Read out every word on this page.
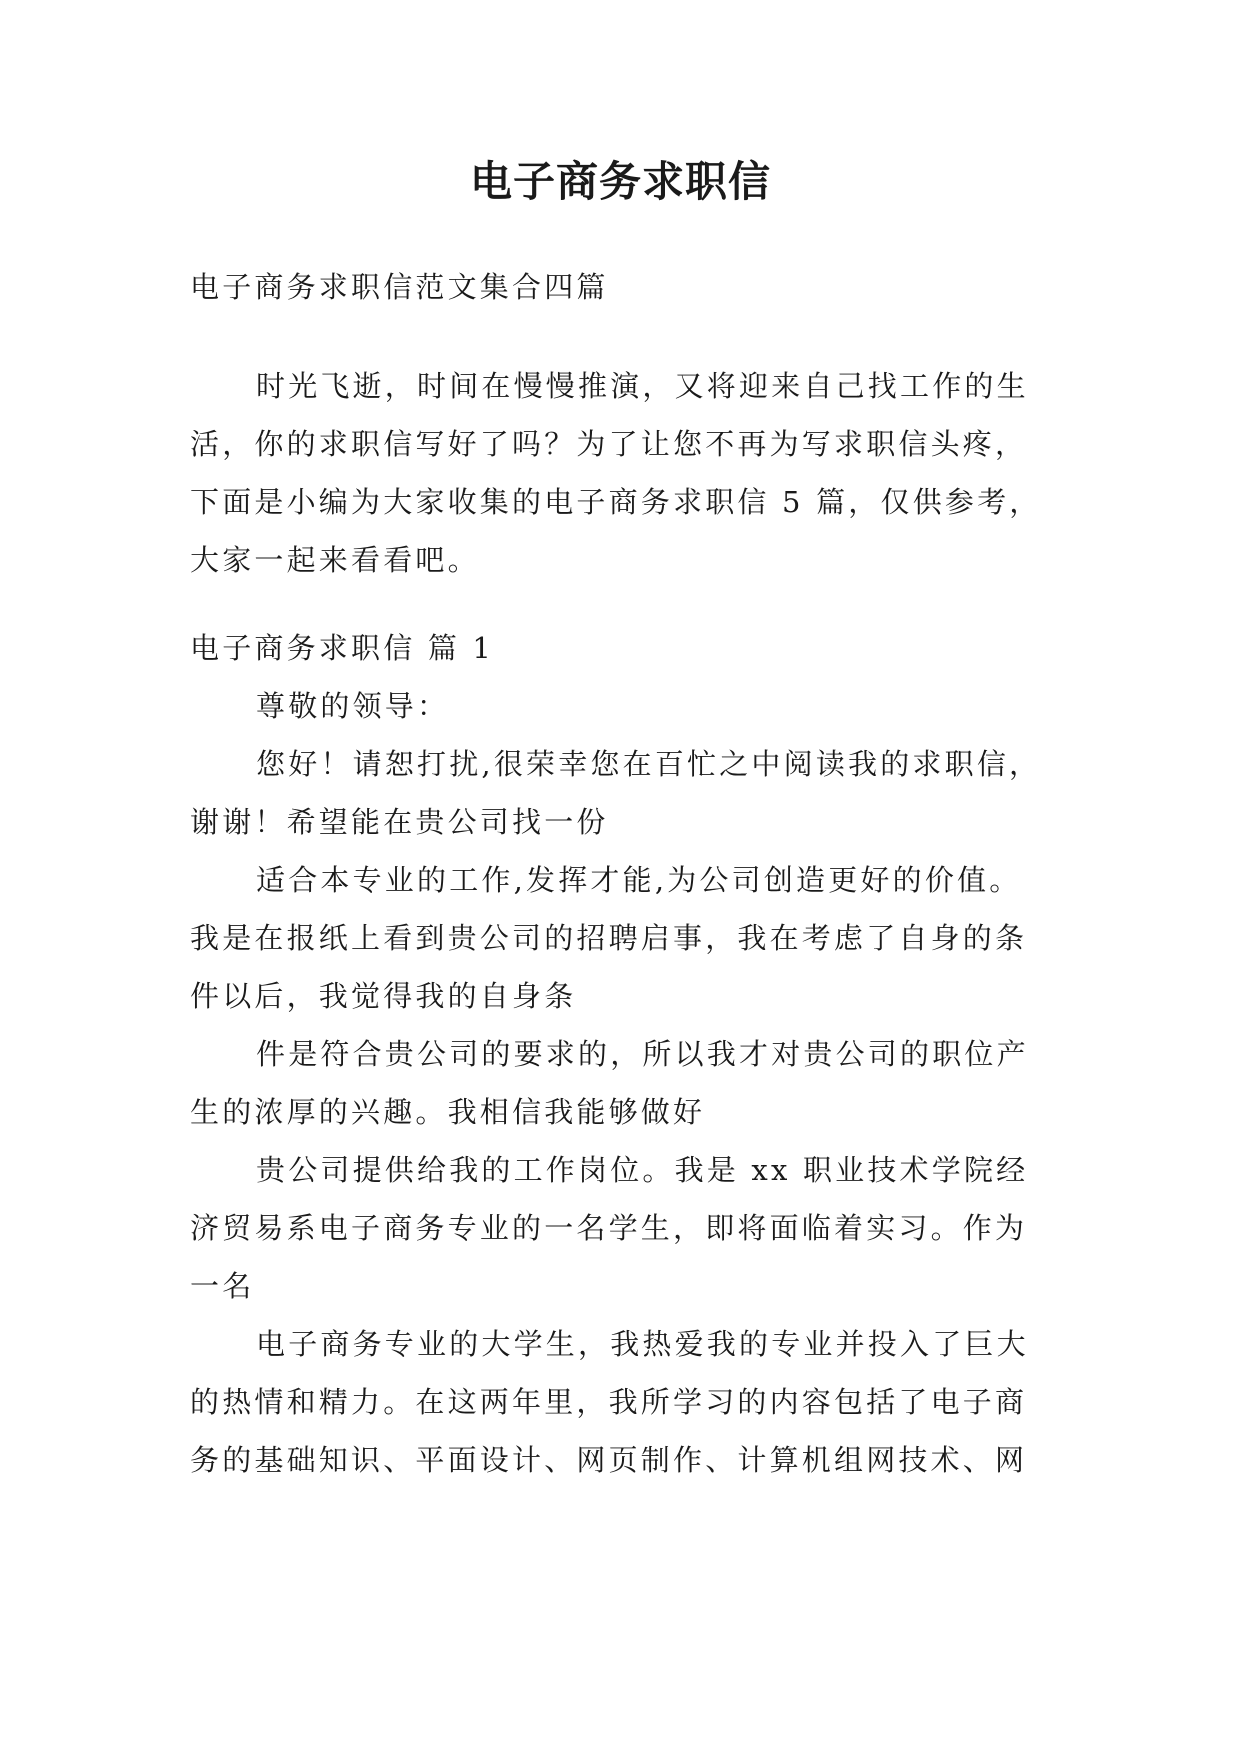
电子商务求职信
电子商务求职信范文集合四篇
时光飞逝，时间在慢慢推演，又将迎来自己找工作的生
活，你的求职信写好了吗？为了让您不再为写求职信头疼，
下面是小编为大家收集的电子商务求职信 5 篇，仅供参考，
大家一起来看看吧。
电子商务求职信 篇 1
尊敬的领导：
您好！请恕打扰,很荣幸您在百忙之中阅读我的求职信，
谢谢！希望能在贵公司找一份
适合本专业的工作,发挥才能,为公司创造更好的价值。
我是在报纸上看到贵公司的招聘启事，我在考虑了自身的条
件以后，我觉得我的自身条
件是符合贵公司的要求的，所以我才对贵公司的职位产
生的浓厚的兴趣。我相信我能够做好
贵公司提供给我的工作岗位。我是 xx 职业技术学院经
济贸易系电子商务专业的一名学生，即将面临着实习。作为
一名
电子商务专业的大学生，我热爱我的专业并投入了巨大
的热情和精力。在这两年里，我所学习的内容包括了电子商
务的基础知识、平面设计、网页制作、计算机组网技术、网
